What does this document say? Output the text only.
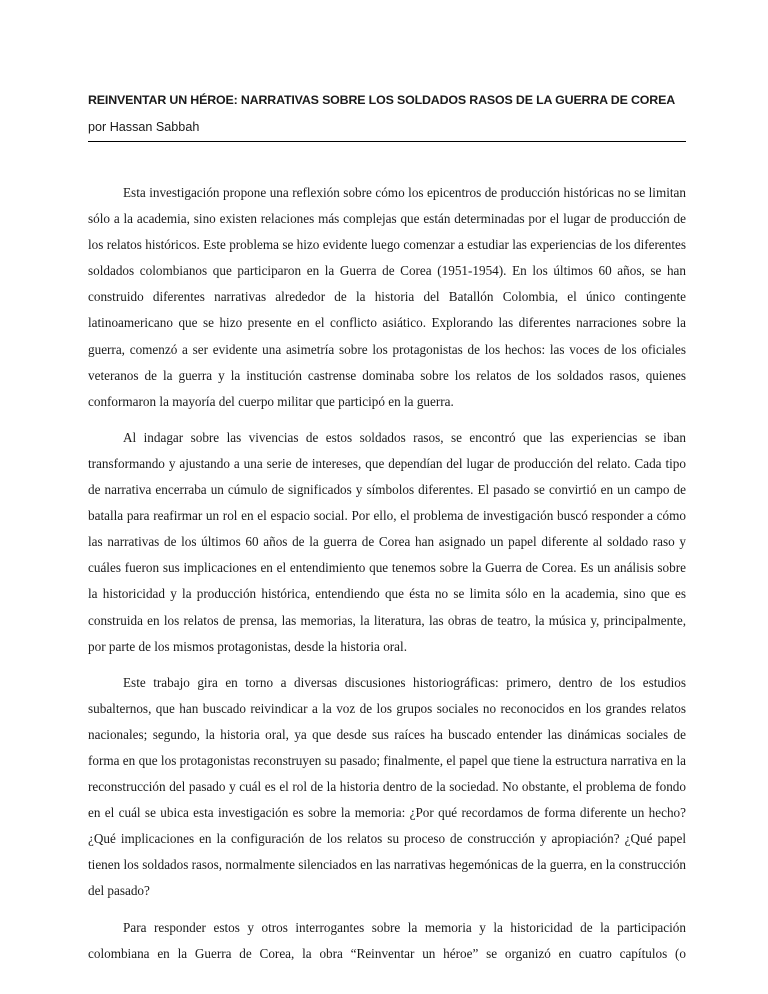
REINVENTAR UN HÉROE: NARRATIVAS SOBRE LOS SOLDADOS RASOS DE LA GUERRA DE COREA

por Hassan Sabbah

Esta investigación propone una reflexión sobre cómo los epicentros de producción históricas no se limitan sólo a la academia, sino existen relaciones más complejas que están determinadas por el lugar de producción de los relatos históricos. Este problema se hizo evidente luego comenzar a estudiar las experiencias de los diferentes soldados colombianos que participaron en la Guerra de Corea (1951-1954). En los últimos 60 años, se han construido diferentes narrativas alrededor de la historia del Batallón Colombia, el único contingente latinoamericano que se hizo presente en el conflicto asiático. Explorando las diferentes narraciones sobre la guerra, comenzó a ser evidente una asimetría sobre los protagonistas de los hechos: las voces de los oficiales veteranos de la guerra y la institución castrense dominaba sobre los relatos de los soldados rasos, quienes conformaron la mayoría del cuerpo militar que participó en la guerra.

Al indagar sobre las vivencias de estos soldados rasos, se encontró que las experiencias se iban transformando y ajustando a una serie de intereses, que dependían del lugar de producción del relato. Cada tipo de narrativa encerraba un cúmulo de significados y símbolos diferentes. El pasado se convirtió en un campo de batalla para reafirmar un rol en el espacio social. Por ello, el problema de investigación buscó responder a cómo las narrativas de los últimos 60 años de la guerra de Corea han asignado un papel diferente al soldado raso y cuáles fueron sus implicaciones en el entendimiento que tenemos sobre la Guerra de Corea. Es un análisis sobre la historicidad y la producción histórica, entendiendo que ésta no se limita sólo en la academia, sino que es construida en los relatos de prensa, las memorias, la literatura, las obras de teatro, la música y, principalmente, por parte de los mismos protagonistas, desde la historia oral.

Este trabajo gira en torno a diversas discusiones historiográficas: primero, dentro de los estudios subalternos, que han buscado reivindicar a la voz de los grupos sociales no reconocidos en los grandes relatos nacionales; segundo, la historia oral, ya que desde sus raíces ha buscado entender las dinámicas sociales de forma en que los protagonistas reconstruyen su pasado; finalmente, el papel que tiene la estructura narrativa en la reconstrucción del pasado y cuál es el rol de la historia dentro de la sociedad. No obstante, el problema de fondo en el cuál se ubica esta investigación es sobre la memoria: ¿Por qué recordamos de forma diferente un hecho? ¿Qué implicaciones en la configuración de los relatos su proceso de construcción y apropiación? ¿Qué papel tienen los soldados rasos, normalmente silenciados en las narrativas hegemónicas de la guerra, en la construcción del pasado?

Para responder estos y otros interrogantes sobre la memoria y la historicidad de la participación colombiana en la Guerra de Corea, la obra “Reinventar un héroe” se organizó en cuatro capítulos (o
